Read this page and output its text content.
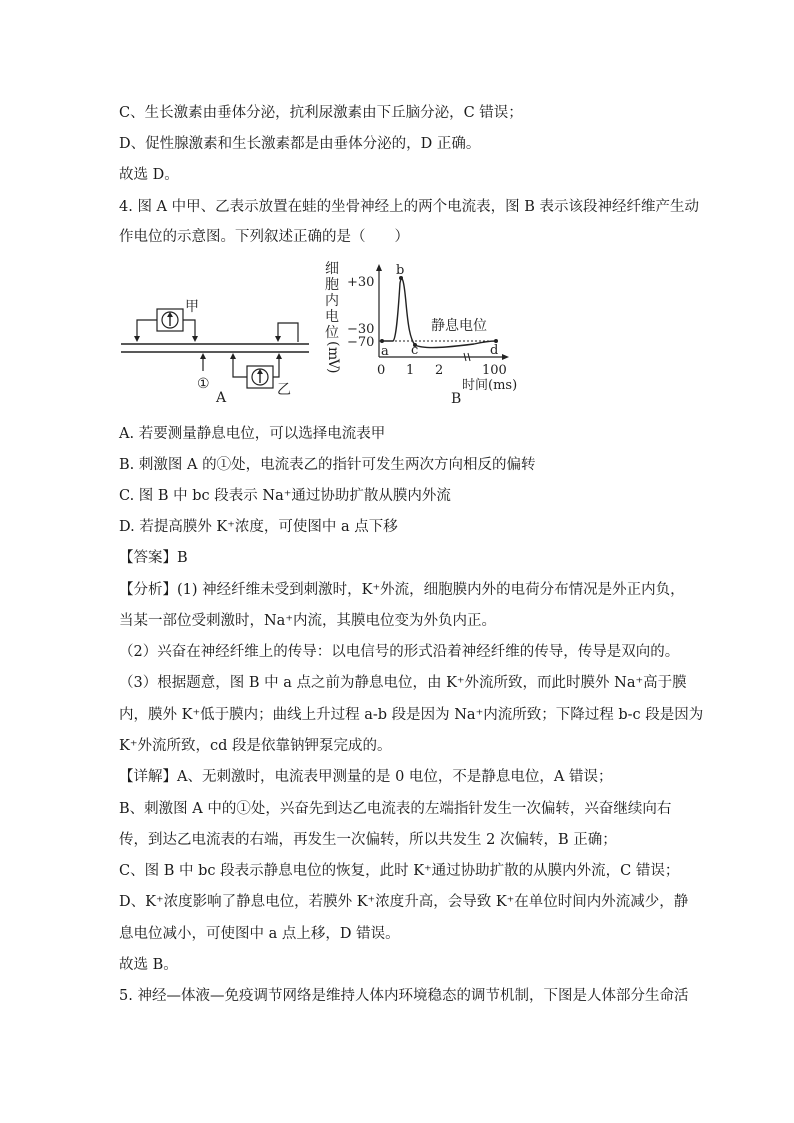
C、生长激素由垂体分泌，抗利尿激素由下丘脑分泌，C 错误；
D、促性腺激素和生长激素都是由垂体分泌的，D 正确。
故选 D。
4. 图 A 中甲、乙表示放置在蛙的坐骨神经上的两个电流表，图 B 表示该段神经纤维产生动
作电位的示意图。下列叙述正确的是（　　）
甲
①	乙
A
细
胞
内
电
位
(
m
V
)
+30
−30
−70
0 1 2	100
时间(ms)
a
b
c	d
静息电位
B
A. 若要测量静息电位，可以选择电流表甲
B. 刺激图 A 的①处，电流表乙的指针可发生两次方向相反的偏转
C. 图 B 中 bc 段表示 Na⁺通过协助扩散从膜内外流
D. 若提高膜外 K⁺浓度，可使图中 a 点下移
【答案】B
【分析】(1) 神经纤维未受到刺激时，K⁺外流，细胞膜内外的电荷分布情况是外正内负，
当某一部位受刺激时，Na⁺内流，其膜电位变为外负内正。
（2）兴奋在神经纤维上的传导：以电信号的形式沿着神经纤维的传导，传导是双向的。
（3）根据题意，图 B 中 a 点之前为静息电位，由 K⁺外流所致，而此时膜外 Na⁺高于膜
内，膜外 K⁺低于膜内；曲线上升过程 a-b 段是因为 Na⁺内流所致；下降过程 b-c 段是因为
K⁺外流所致，cd 段是依靠钠钾泵完成的。
【详解】A、无刺激时，电流表甲测量的是 0 电位，不是静息电位，A 错误；
B、刺激图 A 中的①处，兴奋先到达乙电流表的左端指针发生一次偏转，兴奋继续向右
传，到达乙电流表的右端，再发生一次偏转，所以共发生 2 次偏转，B 正确；
C、图 B 中 bc 段表示静息电位的恢复，此时 K⁺通过协助扩散的从膜内外流，C 错误；
D、K⁺浓度影响了静息电位，若膜外 K⁺浓度升高，会导致 K⁺在单位时间内外流减少，静
息电位减小，可使图中 a 点上移，D 错误。
故选 B。
5. 神经—体液—免疫调节网络是维持人体内环境稳态的调节机制，下图是人体部分生命活
